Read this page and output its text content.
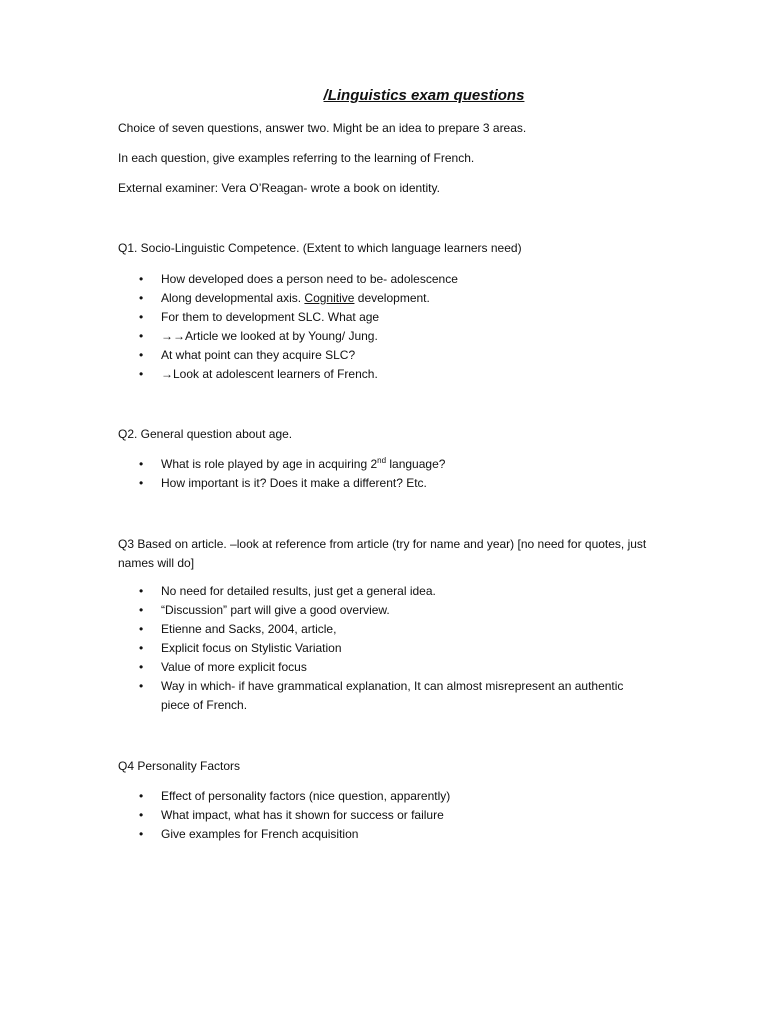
/Linguistics exam questions

Choice of seven questions, answer two. Might be an idea to prepare 3 areas.

In each question, give examples referring to the learning of French.

External examiner: Vera O’Reagan- wrote a book on identity.

Q1. Socio-Linguistic Competence. (Extent to which language learners need)

• How developed does a person need to be- adolescence
• Along developmental axis. Cognitive development.
• For them to development SLC. What age
• →→Article we looked at by Young/ Jung.
• At what point can they acquire SLC?
• →Look at adolescent learners of French.

Q2. General question about age.

• What is role played by age in acquiring 2nd language?
• How important is it? Does it make a different? Etc.

Q3 Based on article. –look at reference from article (try for name and year) [no need for quotes, just names will do]

• No need for detailed results, just get a general idea.
• “Discussion” part will give a good overview.
• Etienne and Sacks, 2004, article,
• Explicit focus on Stylistic Variation
• Value of more explicit focus
• Way in which- if have grammatical explanation, It can almost misrepresent an authentic piece of French.

Q4 Personality Factors

• Effect of personality factors (nice question, apparently)
• What impact, what has it shown for success or failure
• Give examples for French acquisition
